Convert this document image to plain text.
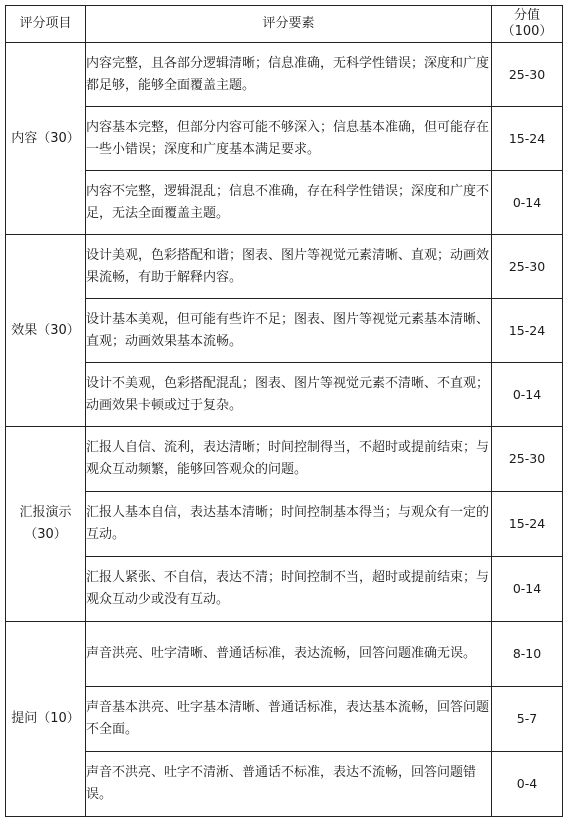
评分项目	评分要素	分值
（100）

内容（30）	内容完整，且各部分逻辑清晰；信息准确，无科学性错误；深度和广度都足够，能够全面覆盖主题。	25-30
	内容基本完整，但部分内容可能不够深入；信息基本准确，但可能存在一些小错误；深度和广度基本满足要求。	15-24
	内容不完整，逻辑混乱；信息不准确，存在科学性错误；深度和广度不足，无法全面覆盖主题。	0-14
效果（30）	设计美观，色彩搭配和谐；图表、图片等视觉元素清晰、直观；动画效果流畅，有助于解释内容。	25-30
	设计基本美观，但可能有些许不足；图表、图片等视觉元素基本清晰、直观；动画效果基本流畅。	15-24
	设计不美观，色彩搭配混乱；图表、图片等视觉元素不清晰、不直观；动画效果卡顿或过于复杂。	0-14

汇报演示
（30）	汇报人自信、流利，表达清晰；时间控制得当，不超时或提前结束；与观众互动频繁，能够回答观众的问题。	25-30
	汇报人基本自信，表达基本清晰；时间控制基本得当；与观众有一定的互动。	15-24
	汇报人紧张、不自信，表达不清；时间控制不当，超时或提前结束；与观众互动少或没有互动。	0-14
提问（10）	声音洪亮、吐字清晰、普通话标准，表达流畅，回答问题准确无误。	8-10
	声音基本洪亮、吐字基本清晰、普通话标准，表达基本流畅，回答问题不全面。	5-7
	声音不洪亮、吐字不清淅、普通话不标准，表达不流畅，回答问题错误。	0-4
